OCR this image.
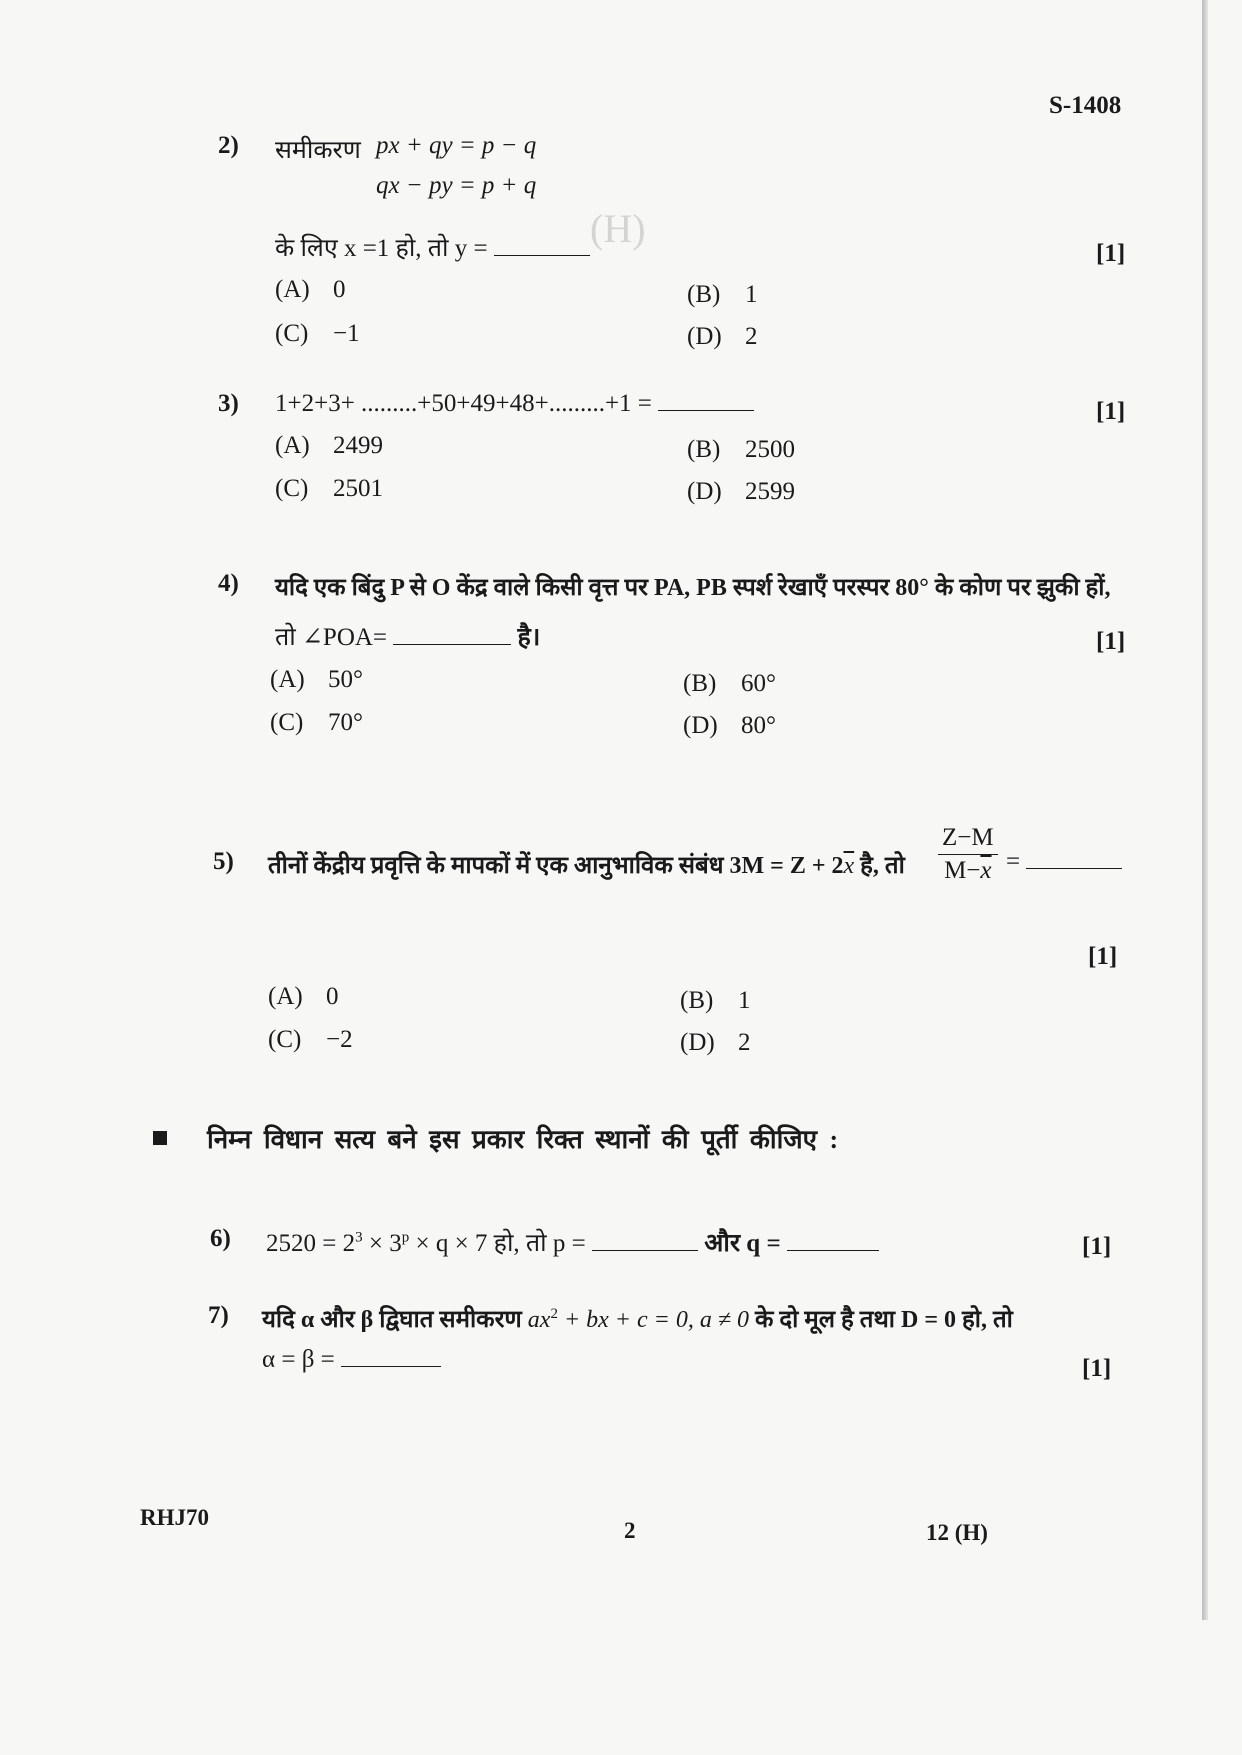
(H)
S-1408
2) समीकरण px + qy = p − q
qx − py = p + q
के लिए x =1 हो, तो y =	[1]
(A) 0	(B) 1
(C) −1	(D) 2
3) 1+2+3+ .........+50+49+48+.........+1 =	[1]
(A) 2499	(B) 2500
(C) 2501	(D) 2599
4) यदि एक बिंदु P से O केंद्र वाले किसी वृत्त पर PA, PB स्पर्श रेखाएँ परस्पर 80° के कोण पर झुकी हों,
तो ∠POA=	है।	[1]
(A) 50°	(B) 60°
(C) 70°	(D) 80°
5) तीनों केंद्रीय प्रवृत्ति के मापकों में एक आनुभाविक संबंध $3M = Z + 2\overline{x}$ है, तो $\frac{Z-M}{M-\overline{x}}$ =
[1]
(A) 0	(B) 1
(C) −2	(D) 2
निम्न विधान सत्य बने इस प्रकार रिक्त स्थानों की पूर्ती कीजिए :
6) $2520 = 2^3 \times 3^p \times q \times 7$ हो, तो p =	और q =	[1]
7) यदि α और β द्विघात समीकरण $ax^2$ + bx + c = 0, a ≠ 0 के दो मूल है तथा D = 0 हो, तो
α = β =	[1]
RHJ70
2	12 (H)
